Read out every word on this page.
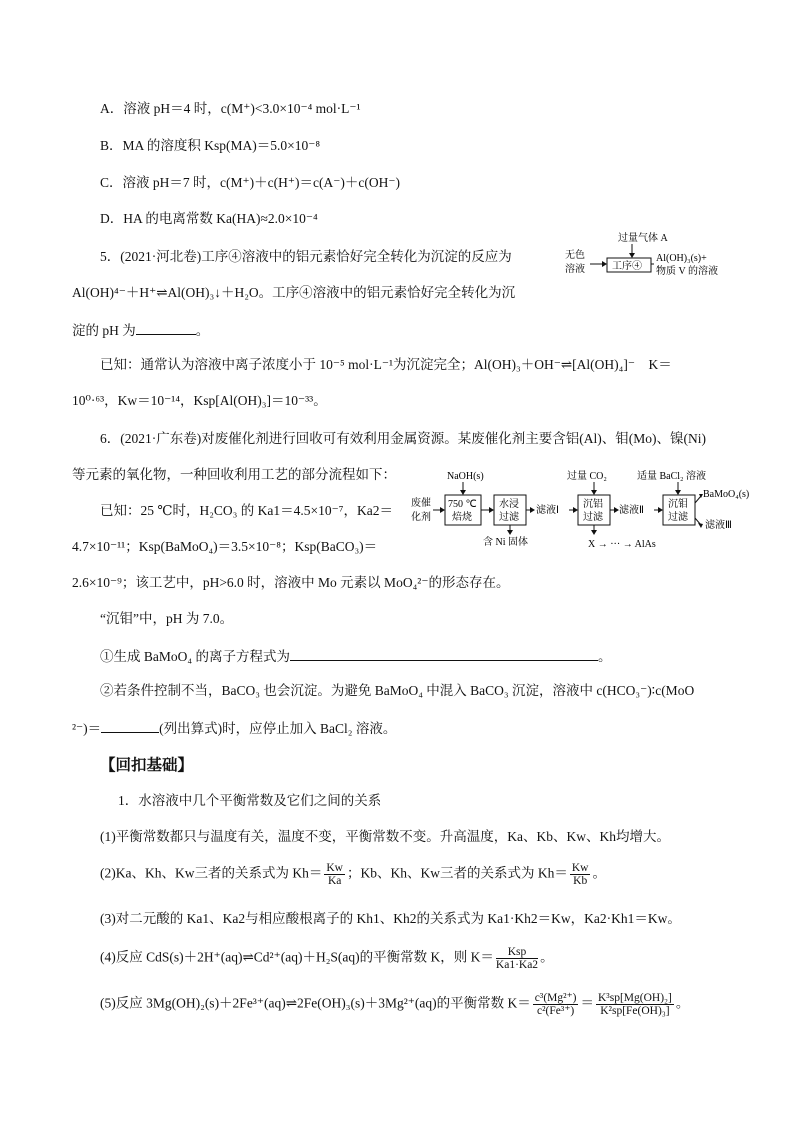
A．溶液 pH＝4 时，c(M⁺)<3.0×10⁻⁴ mol·L⁻¹
B．MA 的溶度积 Ksp(MA)＝5.0×10⁻⁸
C．溶液 pH＝7 时，c(M⁺)＋c(H⁺)＝c(A⁻)＋c(OH⁻)
D．HA 的电离常数 Ka(HA)≈2.0×10⁻⁴
5．(2021·河北卷)工序④溶液中的铝元素恰好完全转化为沉淀的反应为
Al(OH)⁴⁻＋H⁺⇌Al(OH)₃↓＋H₂O。工序④溶液中的铝元素恰好完全转化为沉
淀的 pH 为	。
已知：通常认为溶液中离子浓度小于 10⁻⁵ mol·L⁻¹为沉淀完全；Al(OH)₃＋OH⁻⇌[Al(OH)₄]⁻　K＝
10⁰·⁶³，Kw＝10⁻¹⁴，Ksp[Al(OH)₃]＝10⁻³³。
过量气体 A
无色
溶液	工序④
Al(OH)₃(s)+
物质 V 的溶液
6．(2021·广东卷)对废催化剂进行回收可有效利用金属资源。某废催化剂主要含铝(Al)、钼(Mo)、镍(Ni)
等元素的氧化物，一种回收利用工艺的部分流程如下：
已知：25 ℃时，H₂CO₃ 的 Ka1＝4.5×10⁻⁷，Ka2＝
4.7×10⁻¹¹；Ksp(BaMoO₄)＝3.5×10⁻⁸；Ksp(BaCO₃)＝
2.6×10⁻⁹；该工艺中，pH>6.0 时，溶液中 Mo 元素以 MoO₄²⁻的形态存在。
“沉钼”中，pH 为 7.0。
①生成 BaMoO₄ 的离子方程式为	。
②若条件控制不当，BaCO₃ 也会沉淀。为避免 BaMoO₄ 中混入 BaCO₃ 沉淀，溶液中 c(HCO₃⁻)∶c(MoO
²⁻)＝	(列出算式)时，应停止加入 BaCl₂ 溶液。
NaOH(s)
废催
化剂
750 ℃
焙烧
水浸
过滤
含 Ni 固体
滤液Ⅰ
过量 CO₂
沉铝
过滤
X → ··· → AlAs
滤液Ⅱ
适量 BaCl₂ 溶液
沉钼
过滤
BaMoO₄(s)
滤液Ⅲ
【回扣基础】
1．水溶液中几个平衡常数及它们之间的关系
(1)平衡常数都只与温度有关，温度不变，平衡常数不变。升高温度，Ka、Kb、Kw、Kh均增大。
(2)Ka、Kh、Kw三者的关系式为 $Kh= \frac{Kw}{Ka}$ ；Kb、Kh、Kw三者的关系式为 $Kh= \frac{Kw}{Kb}$ 。
(3)对二元酸的 Ka1、Ka2与相应酸根离子的 Kh1、Kh2的关系式为 Ka1·Kh2＝Kw，Ka2·Kh1＝Kw。
(4)反应 CdS(s)＋2H⁺(aq)⇌Cd²⁺(aq)＋H₂S(aq)的平衡常数 K，则 $K= \frac{\text{Ksp}}{Ka1\cdot Ka2}$ 。
(5)反应 3Mg(OH)₂(s)＋2Fe³⁺(aq)⇌2Fe(OH)₃(s)＋3Mg²⁺(aq)的平衡常数 $K= \frac{\text{c³(Mg²⁺)}}{\text{c²(Fe³⁺)}} = \frac{\text{K³sp[Mg(OH)₂]}}{\text{K²sp[Fe(OH)₃]}}$ 。
